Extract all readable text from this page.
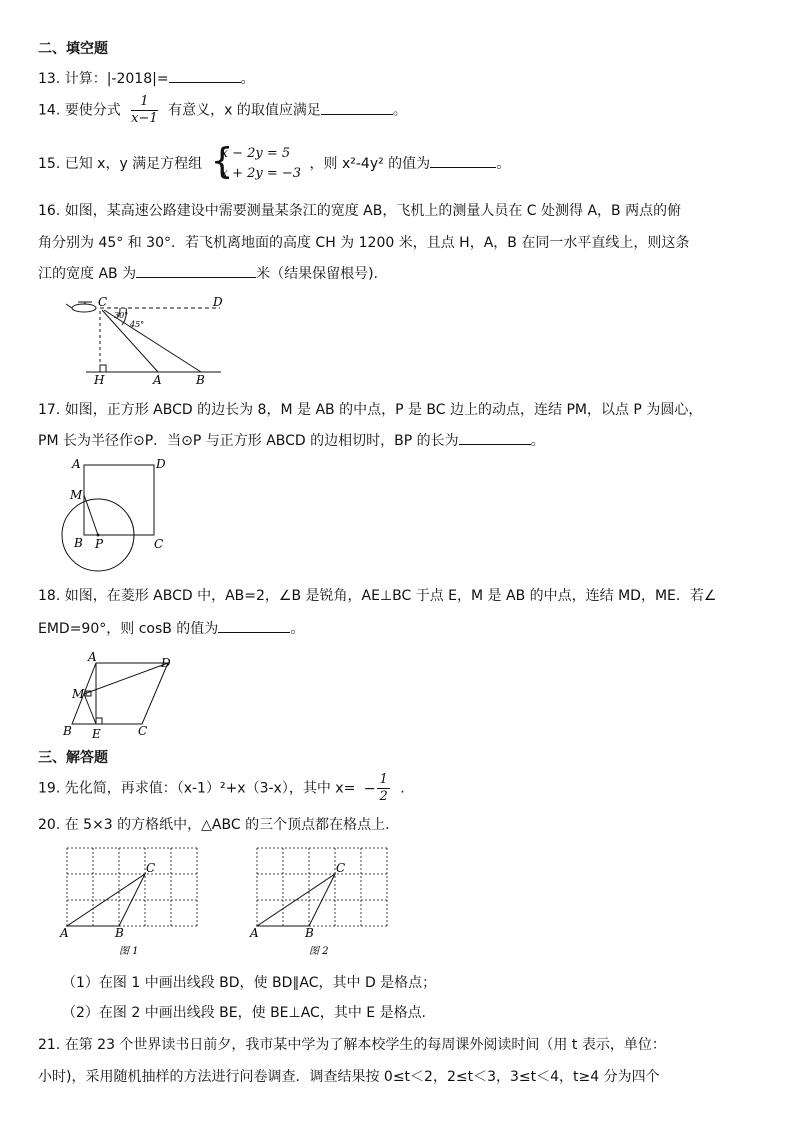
二、填空题
13. 计算：|-2018|=	。
14. 要使分式 $\frac{1}{x-1}$ 有意义，x 的取值应满足	。
15. 已知 x，y 满足方程组 {
x − 2y = 5
x + 2y = −3
，则 x²-4y² 的值为	。
16. 如图，某高速公路建设中需要测量某条江的宽度 AB，飞机上的测量人员在 C 处测得 A，B 两点的俯
角分别为 45° 和 30°．若飞机离地面的高度 CH 为 1200 米，且点 H，A，B 在同一水平直线上，则这条
江的宽度 AB 为	米（结果保留根号).
C	D
H	A	B
30°
45°
17. 如图，正方形 ABCD 的边长为 8，M 是 AB 的中点，P 是 BC 边上的动点，连结 PM，以点 P 为圆心，
PM 长为半径作⊙P．当⊙P 与正方形 ABCD 的边相切时，BP 的长为	。
A	D
M
B P	C
18. 如图，在菱形 ABCD 中，AB=2，∠B 是锐角，AE⊥BC 于点 E，M 是 AB 的中点，连结 MD，ME．若∠
EMD=90°，则 cosB 的值为	。
A	D
M
B E	C
三、解答题
19. 先化简，再求值：（x-1）²+x（3-x），其中 $x= - \frac{1}{2}$ .
20. 在 5×3 的方格纸中，△ABC 的三个顶点都在格点上.
A	B
C
图 1
A	B
C
图 2
（1）在图 1 中画出线段 BD，使 BD∥AC，其中 D 是格点；
（2）在图 2 中画出线段 BE，使 BE⊥AC，其中 E 是格点.
21. 在第 23 个世界读书日前夕，我市某中学为了解本校学生的每周课外阅读时间（用 t 表示，单位：
小时)，采用随机抽样的方法进行问卷调查．调查结果按 0≤t＜2，2≤t＜3，3≤t＜4，t≥4 分为四个
